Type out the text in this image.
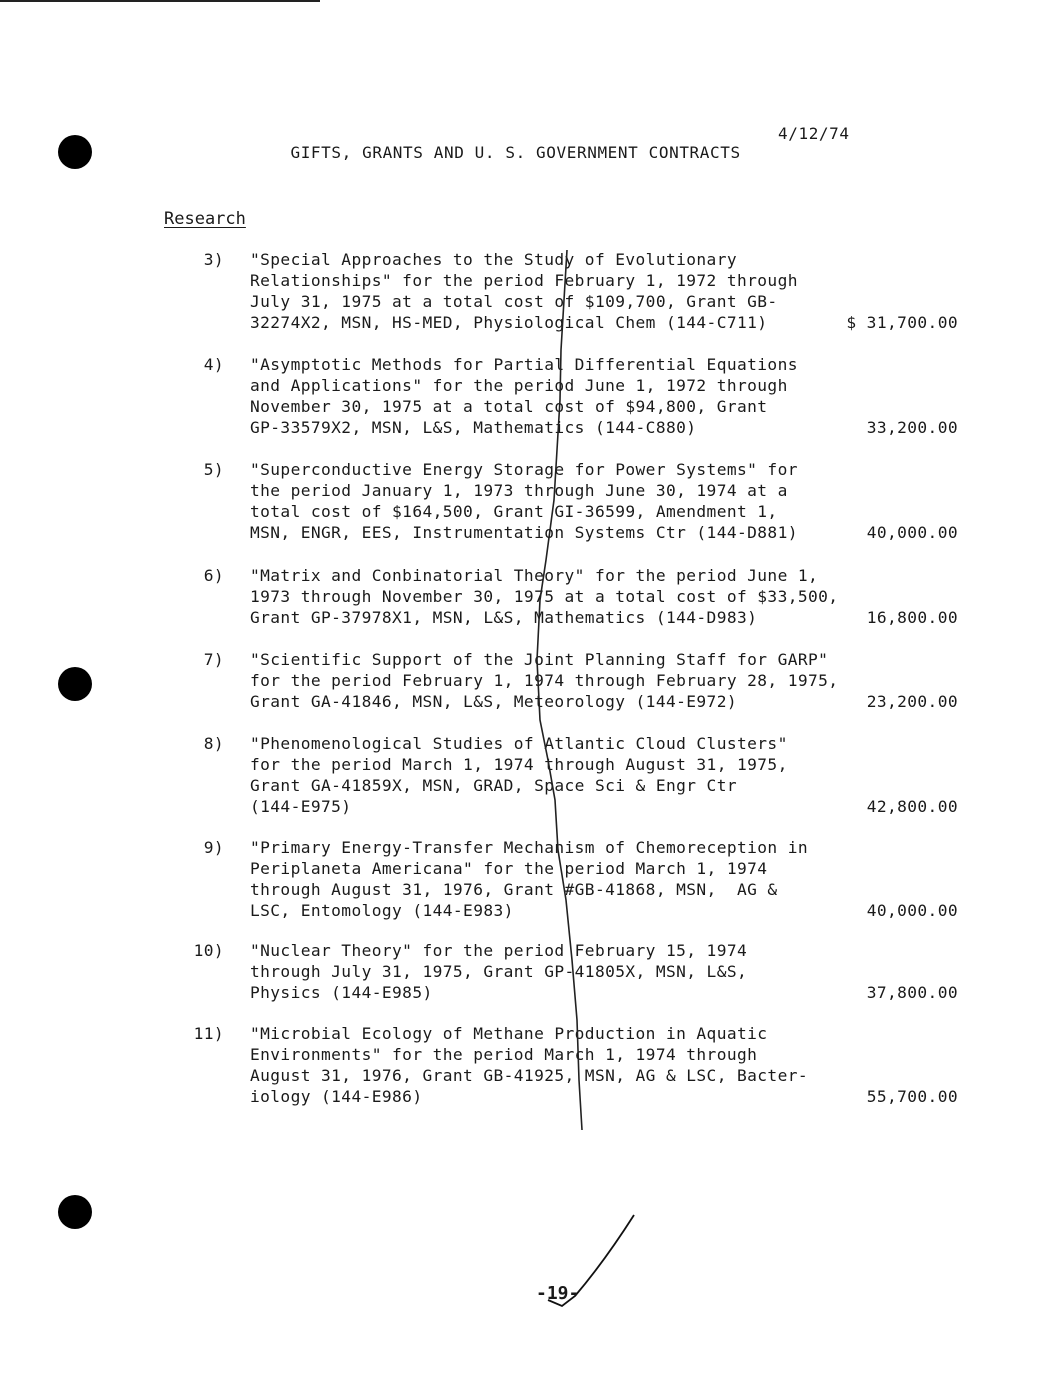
GIFTS, GRANTS AND U. S. GOVERNMENT CONTRACTS

4/12/74

Research
3) "Special Approaches to the Study of Evolutionary
Relationships" for the period February 1, 1972 through
July 31, 1975 at a total cost of $109,700, Grant GB-
32274X2, MSN, HS-MED, Physiological Chem (144-C711)	$ 31,700.00
4) "Asymptotic Methods for Partial Differential Equations
and Applications" for the period June 1, 1972 through
November 30, 1975 at a total cost of $94,800, Grant
GP-33579X2, MSN, L&S, Mathematics (144-C880)	33,200.00
5) "Superconductive Energy Storage for Power Systems" for
the period January 1, 1973 through June 30, 1974 at a
total cost of $164,500, Grant GI-36599, Amendment 1,
MSN, ENGR, EES, Instrumentation Systems Ctr (144-D881)	40,000.00
6) "Matrix and Conbinatorial Theory" for the period June 1,
1973 through November 30, 1975 at a total cost of $33,500,
Grant GP-37978X1, MSN, L&S, Mathematics (144-D983)	16,800.00
7) "Scientific Support of the Joint Planning Staff for GARP"
for the period February 1, 1974 through February 28, 1975,
Grant GA-41846, MSN, L&S, Meteorology (144-E972)	23,200.00
8) "Phenomenological Studies of Atlantic Cloud Clusters"
for the period March 1, 1974 through August 31, 1975,
Grant GA-41859X, MSN, GRAD, Space Sci & Engr Ctr
(144-E975)	42,800.00
9) "Primary Energy-Transfer Mechanism of Chemoreception in
Periplaneta Americana" for the period March 1, 1974
through August 31, 1976, Grant #GB-41868, MSN,  AG &
LSC, Entomology (144-E983)	40,000.00
10) "Nuclear Theory" for the period February 15, 1974
through July 31, 1975, Grant GP-41805X, MSN, L&S,
Physics (144-E985)	37,800.00
11) "Microbial Ecology of Methane Production in Aquatic
Environments" for the period March 1, 1974 through
August 31, 1976, Grant GB-41925, MSN, AG & LSC, Bacter-
iology (144-E986)	55,700.00
-19-
